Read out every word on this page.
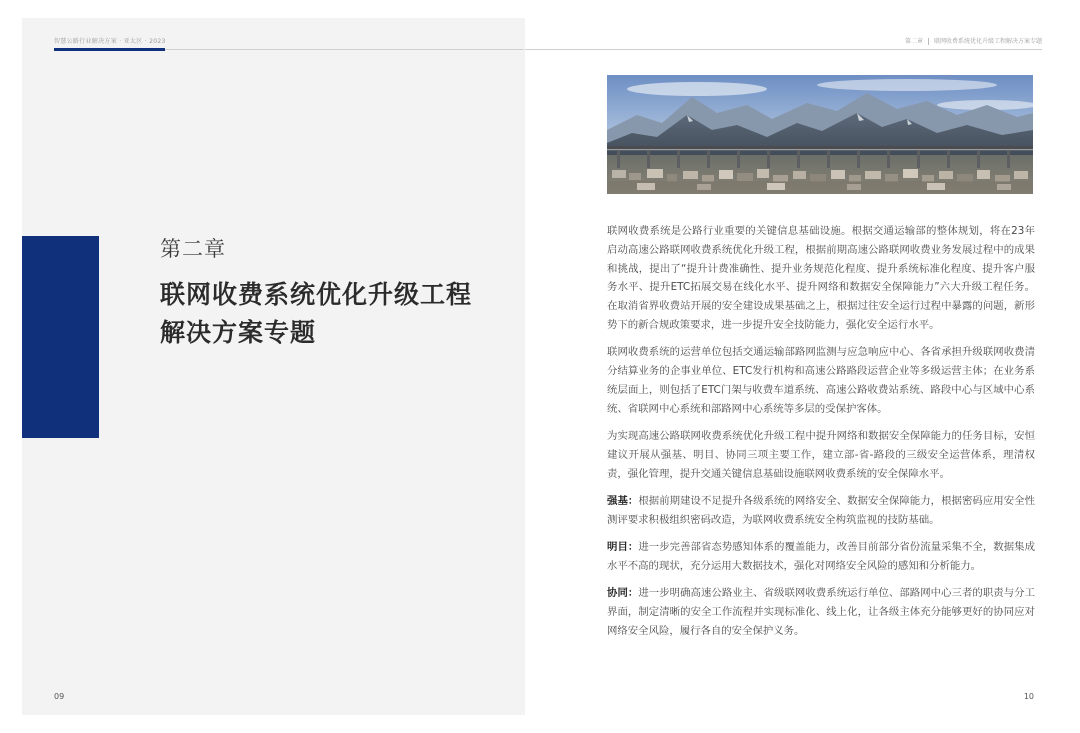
智慧公路行业解决方案 · 亚太区 · 2023
第二章
联网收费系统优化升级工程
解决方案专题
09
第二章 联网收费系统优化升级工程解决方案专题

联网收费系统是公路行业重要的关键信息基础设施。根据交通运输部的整体规划，将在23年启动高速公路联网收费系统优化升级工程，根据前期高速公路联网收费业务发展过程中的成果和挑战，提出了“提升计费准确性、提升业务规范化程度、提升系统标准化程度、提升客户服务水平、提升ETC拓展交易在线化水平、提升网络和数据安全保障能力”六大升级工程任务。在取消省界收费站开展的安全建设成果基础之上，根据过往安全运行过程中暴露的问题，新形势下的新合规政策要求，进一步提升安全技防能力，强化安全运行水平。

联网收费系统的运营单位包括交通运输部路网监测与应急响应中心、各省承担升级联网收费清分结算业务的企事业单位、ETC发行机构和高速公路路段运营企业等多级运营主体；在业务系统层面上，则包括了ETC门架与收费车道系统、高速公路收费站系统、路段中心与区域中心系统、省联网中心系统和部路网中心系统等多层的受保护客体。

为实现高速公路联网收费系统优化升级工程中提升网络和数据安全保障能力的任务目标，安恒建议开展从强基、明目、协同三项主要工作，建立部-省-路段的三级安全运营体系，理清权责，强化管理，提升交通关键信息基础设施联网收费系统的安全保障水平。

强基：根据前期建设不足提升各级系统的网络安全、数据安全保障能力，根据密码应用安全性测评要求积极组织密码改造，为联网收费系统安全构筑监视的技防基础。

明目：进一步完善部省态势感知体系的覆盖能力，改善目前部分省份流量采集不全，数据集成水平不高的现状，充分运用大数据技术，强化对网络安全风险的感知和分析能力。

协同：进一步明确高速公路业主、省级联网收费系统运行单位、部路网中心三者的职责与分工界面，制定清晰的安全工作流程并实现标准化、线上化，让各级主体充分能够更好的协同应对网络安全风险，履行各自的安全保护义务。

10
